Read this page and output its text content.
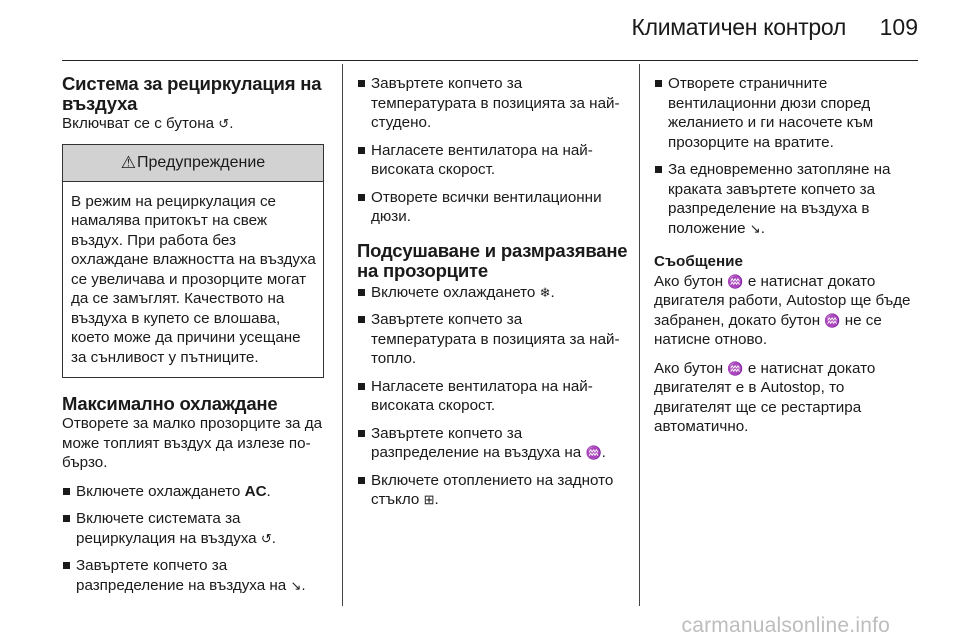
Климатичен контрол 109
Система за рециркулация на въздуха

Включват се с бутона ↺.

⚠ Предупреждение
В режим на рециркулация се намалява притокът на свеж въздух. При работа без охлаждане влажността на въздуха се увеличава и прозорците могат да се замъглят. Качеството на въздуха в купето се влошава, което може да причини усещане за сънливост у пътниците.
Максимално охлаждане

Отворете за малко прозорците за да може топлият въздух да излезе по-бързо.

Включете охлаждането AC.
Включете системата за рециркулация на въздуха ↺.
Завъртете копчето за разпределение на въздуха на ↘.
Завъртете копчето за температурата в позицията за най-студено.
Нагласете вентилатора на най-високата скорост.
Отворете всички вентилационни дюзи.
Подсушаване и размразяване на прозорците
Включете охлаждането ❄.
Завъртете копчето за температурата в позицията за най-топло.
Нагласете вентилатора на най-високата скорост.
Завъртете копчето за разпределение на въздуха на ♒.
Включете отоплението на задното стъкло ⊞.
Отворете страничните вентилационни дюзи според желанието и ги насочете към прозорците на вратите.
За едновременно затопляне на краката завъртете копчето за разпределение на въздуха в положение ↘.

Съобщение

Ако бутон ♒ е натиснат докато двигателя работи, Autostop ще бъде забранен, докато бутон ♒ не се натисне отново.

Ако бутон ♒ е натиснат докато двигателят е в Autostop, то двигателят ще се рестартира автоматично.

carmanualsonline.info
